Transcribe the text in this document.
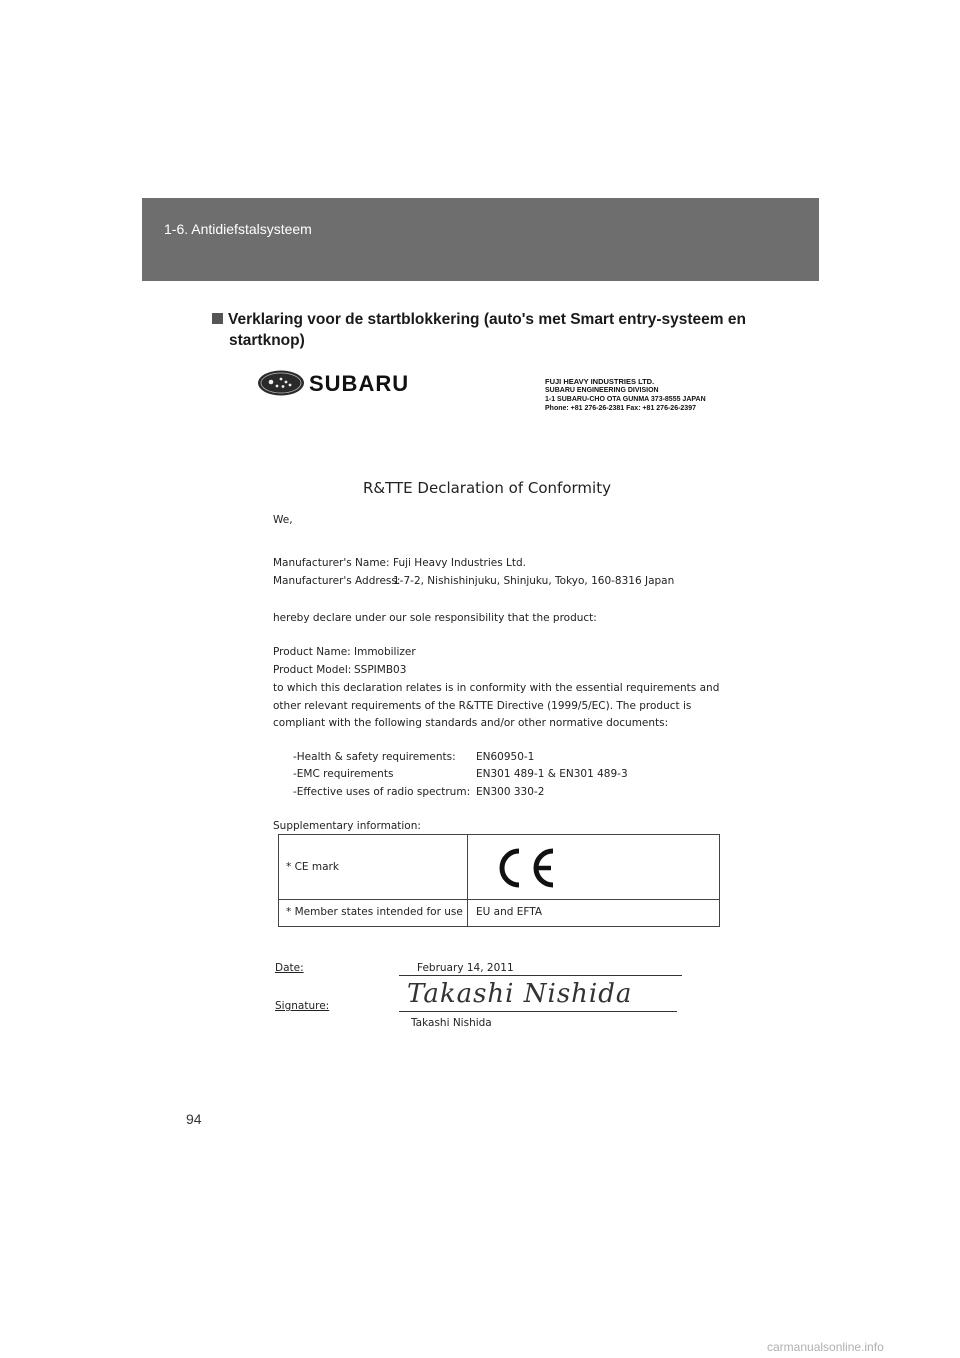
1-6. Antidiefstalsysteem
Verklaring voor de startblokkering (auto's met Smart entry-systeem en
startknop)
SUBARU	FUJI HEAVY INDUSTRIES LTD.
SUBARU ENGINEERING DIVISION
1-1 SUBARU-CHO OTA GUNMA 373-8555 JAPAN
Phone: +81 276-26-2381 Fax: +81 276-26-2397
R&TTE Declaration of Conformity
We,
Manufacturer's Name: Fuji Heavy Industries Ltd.
Manufacturer's Address:
1-7-2, Nishishinjuku, Shinjuku, Tokyo, 160-8316 Japan
hereby declare under our sole responsibility that the product:
Product Name: Immobilizer
Product Model: SSPIMB03
to which this declaration relates is in conformity with the essential requirements and
other relevant requirements of the R&TTE Directive (1999/5/EC). The product is
compliant with the following standards and/or other normative documents:
-Health & safety requirements: EN60950-1
-EMC requirements	EN301 489-1 & EN301 489-3
-Effective uses of radio spectrum: EN300 330-2
Supplementary information:
* CE mark
* Member states intended for use EU and EFTA
Date:	February 14, 2011
Signature:	Takashi Nishida
Takashi Nishida
94
carmanualsonline.info
